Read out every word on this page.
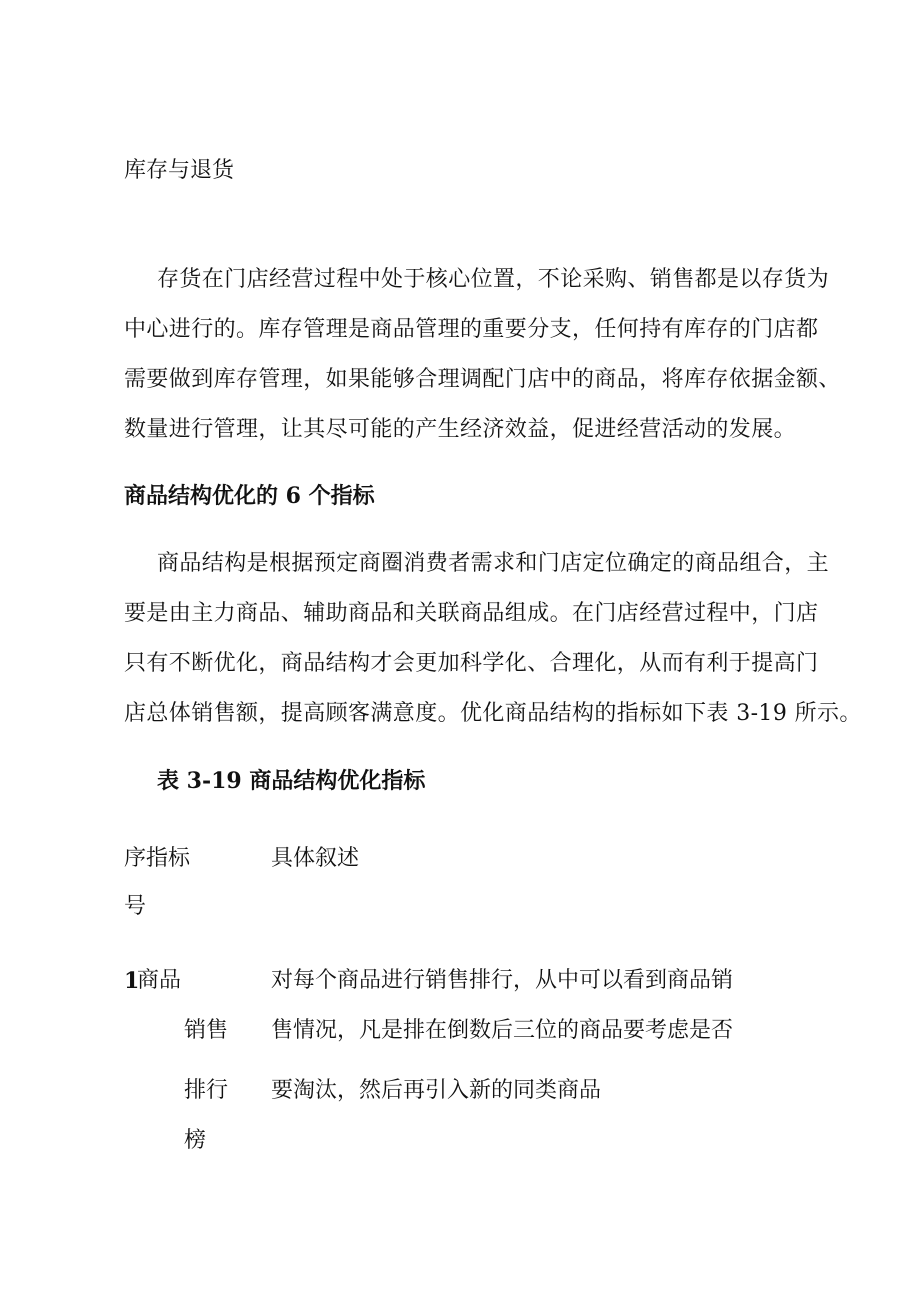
库存与退货
存货在门店经营过程中处于核心位置，不论采购、销售都是以存货为
中心进行的。库存管理是商品管理的重要分支，任何持有库存的门店都
需要做到库存管理，如果能够合理调配门店中的商品，将库存依据金额、
数量进行管理，让其尽可能的产生经济效益，促进经营活动的发展。
商品结构优化的 6 个指标
商品结构是根据预定商圈消费者需求和门店定位确定的商品组合，主
要是由主力商品、辅助商品和关联商品组成。在门店经营过程中，门店
只有不断优化，商品结构才会更加科学化、合理化，从而有利于提高门
店总体销售额，提高顾客满意度。优化商品结构的指标如下表 3-19 所示。
表 3-19 商品结构优化指标
序 指标
号
具体叙述
1
商品
销售
排行
榜
对每个商品进行销售排行，从中可以看到商品销
售情况，凡是排在倒数后三位的商品要考虑是否
要淘汰，然后再引入新的同类商品
